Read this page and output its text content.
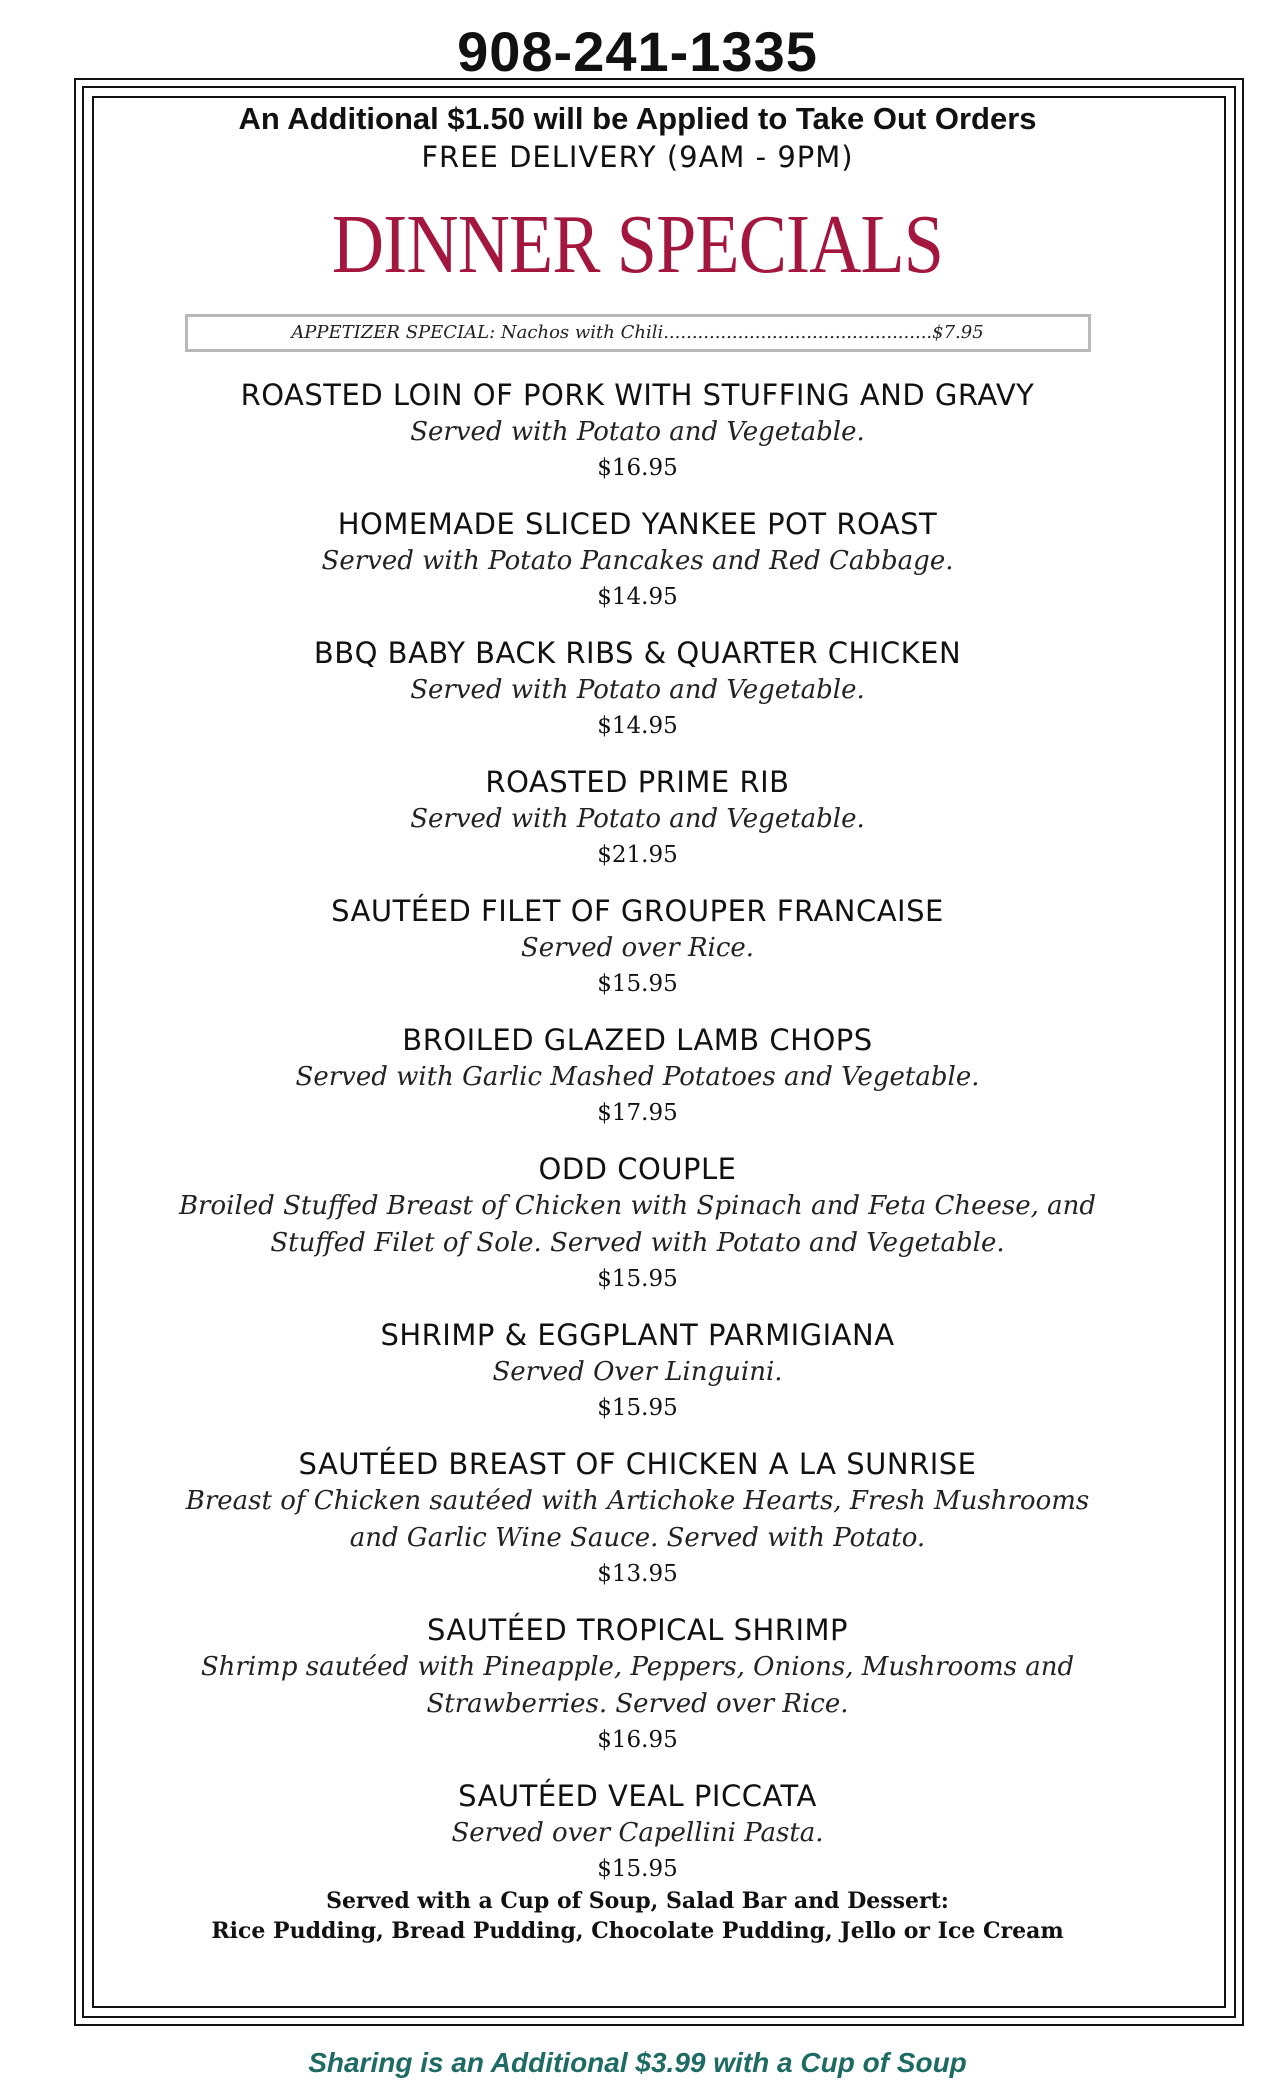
908-241-1335
An Additional $1.50 will be Applied to Take Out Orders
FREE DELIVERY (9AM - 9PM)
DINNER SPECIALS
APPETIZER SPECIAL: Nachos with Chili...............................................$7.95
ROASTED LOIN OF PORK WITH STUFFING AND GRAVY
Served with Potato and Vegetable.
$16.95
HOMEMADE SLICED YANKEE POT ROAST
Served with Potato Pancakes and Red Cabbage.
$14.95
BBQ BABY BACK RIBS & QUARTER CHICKEN
Served with Potato and Vegetable.
$14.95
ROASTED PRIME RIB
Served with Potato and Vegetable.
$21.95
SAUTÉED FILET OF GROUPER FRANCAISE
Served over Rice.
$15.95
BROILED GLAZED LAMB CHOPS
Served with Garlic Mashed Potatoes and Vegetable.
$17.95
ODD COUPLE
Broiled Stuffed Breast of Chicken with Spinach and Feta Cheese, and
Stuffed Filet of Sole. Served with Potato and Vegetable.
$15.95
SHRIMP & EGGPLANT PARMIGIANA
Served Over Linguini.
$15.95
SAUTÉED BREAST OF CHICKEN A LA SUNRISE
Breast of Chicken sautéed with Artichoke Hearts, Fresh Mushrooms
and Garlic Wine Sauce. Served with Potato.
$13.95
SAUTÉED TROPICAL SHRIMP
Shrimp sautéed with Pineapple, Peppers, Onions, Mushrooms and
Strawberries. Served over Rice.
$16.95
SAUTÉED VEAL PICCATA
Served over Capellini Pasta.
$15.95
Served with a Cup of Soup, Salad Bar and Dessert:
Rice Pudding, Bread Pudding, Chocolate Pudding, Jello or Ice Cream
Sharing is an Additional $3.99 with a Cup of Soup
